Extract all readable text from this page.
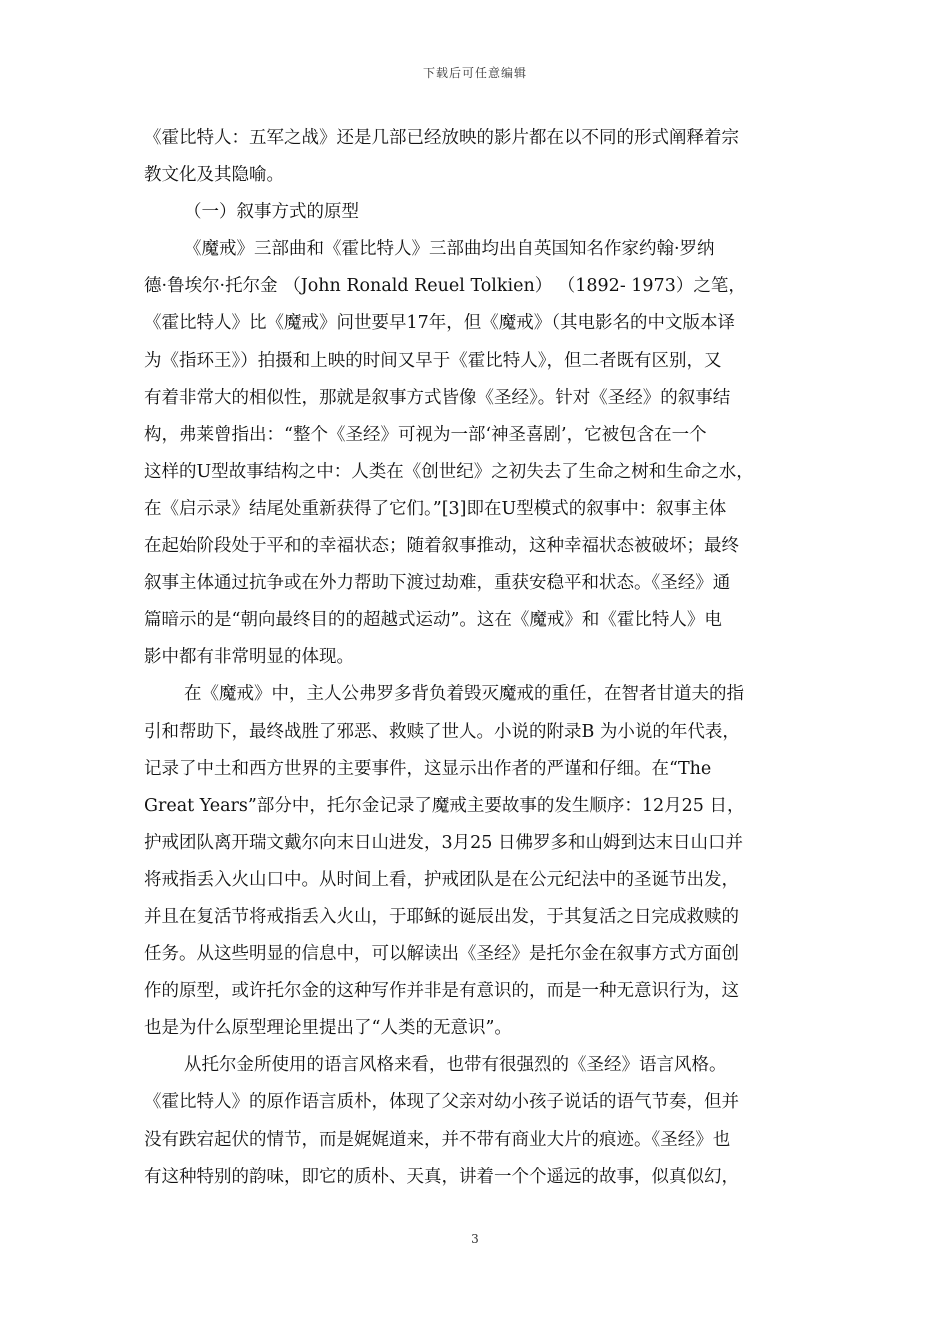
下载后可任意编辑
《霍比特人：五军之战》还是几部已经放映的影片都在以不同的形式阐释着宗
教文化及其隐喻。
（一）叙事方式的原型
《魔戒》三部曲和《霍比特人》三部曲均出自英国知名作家约翰·罗纳
德·鲁埃尔·托尔金 （John Ronald Reuel Tolkien） （1892- 1973）之笔，
《霍比特人》比《魔戒》问世要早17年，但《魔戒》（其电影名的中文版本译
为《指环王》）拍摄和上映的时间又早于《霍比特人》，但二者既有区别，又
有着非常大的相似性，那就是叙事方式皆像《圣经》。针对《圣经》的叙事结
构，弗莱曾指出：“整个《圣经》可视为一部‘神圣喜剧’，它被包含在一个
这样的U型故事结构之中：人类在《创世纪》之初失去了生命之树和生命之水，
在《启示录》结尾处重新获得了它们。”[3]即在U型模式的叙事中：叙事主体
在起始阶段处于平和的幸福状态；随着叙事推动，这种幸福状态被破坏；最终
叙事主体通过抗争或在外力帮助下渡过劫难，重获安稳平和状态。《圣经》通
篇暗示的是“朝向最终目的的超越式运动”。这在《魔戒》和《霍比特人》电
影中都有非常明显的体现。
在《魔戒》中，主人公弗罗多背负着毁灭魔戒的重任，在智者甘道夫的指
引和帮助下，最终战胜了邪恶、救赎了世人。小说的附录B 为小说的年代表，
记录了中土和西方世界的主要事件，这显示出作者的严谨和仔细。在“The
Great Years”部分中，托尔金记录了魔戒主要故事的发生顺序：12月25 日，
护戒团队离开瑞文戴尔向末日山进发，3月25 日佛罗多和山姆到达末日山口并
将戒指丢入火山口中。从时间上看，护戒团队是在公元纪法中的圣诞节出发，
并且在复活节将戒指丢入火山，于耶稣的诞辰出发，于其复活之日完成救赎的
任务。从这些明显的信息中，可以解读出《圣经》是托尔金在叙事方式方面创
作的原型，或许托尔金的这种写作并非是有意识的，而是一种无意识行为，这
也是为什么原型理论里提出了“人类的无意识”。
从托尔金所使用的语言风格来看，也带有很强烈的《圣经》语言风格。
《霍比特人》的原作语言质朴，体现了父亲对幼小孩子说话的语气节奏，但并
没有跌宕起伏的情节，而是娓娓道来，并不带有商业大片的痕迹。《圣经》也
有这种特别的韵味，即它的质朴、天真，讲着一个个遥远的故事，似真似幻，
3
